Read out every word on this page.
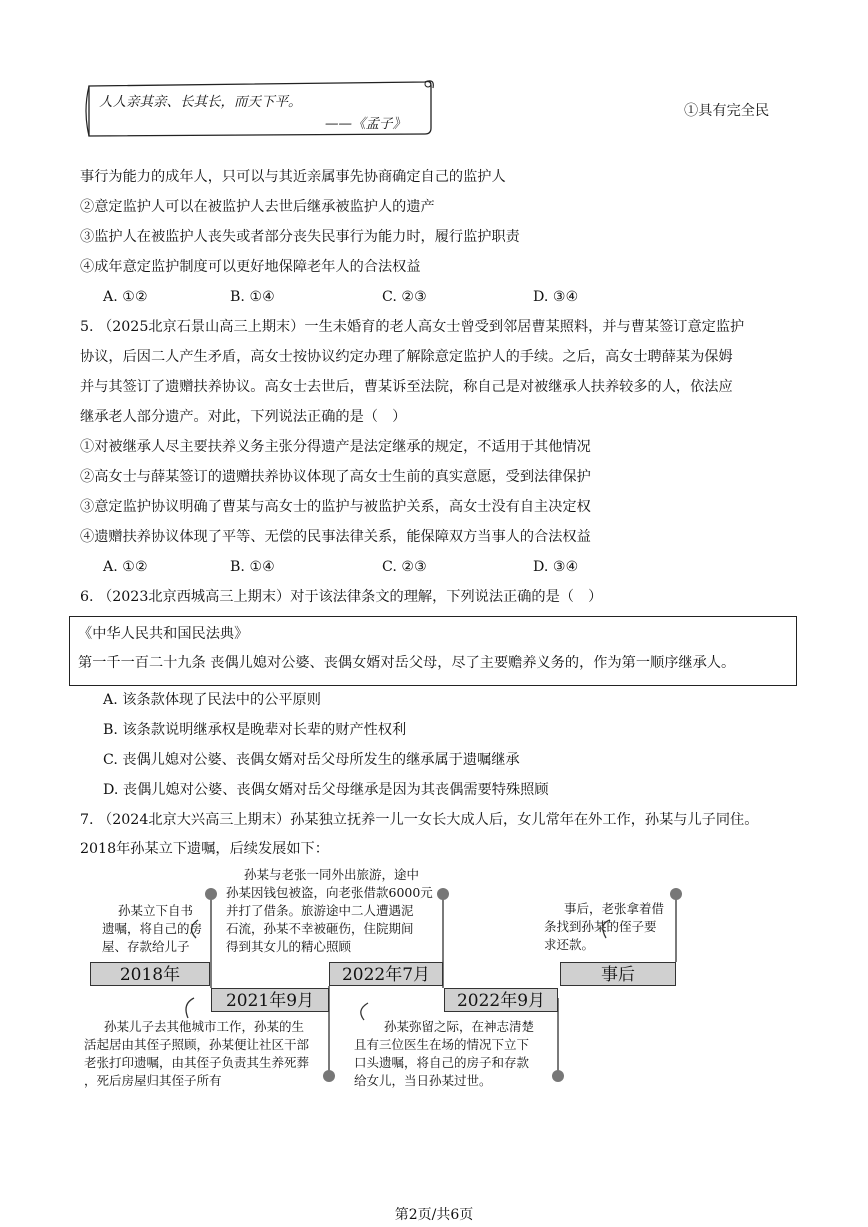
人人亲其亲、长其长，而天下平。
——《孟子》
①具有完全民
事行为能力的成年人，只可以与其近亲属事先协商确定自己的监护人
②意定监护人可以在被监护人去世后继承被监护人的遗产
③监护人在被监护人丧失或者部分丧失民事行为能力时，履行监护职责
④成年意定监护制度可以更好地保障老年人的合法权益
A. ①②	B. ①④	C. ②③	D. ③④
5. （2025北京石景山高三上期末）一生未婚育的老人高女士曾受到邻居曹某照料，并与曹某签订意定监护
协议，后因二人产生矛盾，高女士按协议约定办理了解除意定监护人的手续。之后，高女士聘薛某为保姆
并与其签订了遗赠扶养协议。高女士去世后，曹某诉至法院，称自己是对被继承人扶养较多的人，依法应
继承老人部分遗产。对此，下列说法正确的是（　）
①对被继承人尽主要扶养义务主张分得遗产是法定继承的规定，不适用于其他情况
②高女士与薛某签订的遗赠扶养协议体现了高女士生前的真实意愿，受到法律保护
③意定监护协议明确了曹某与高女士的监护与被监护关系，高女士没有自主决定权
④遗赠扶养协议体现了平等、无偿的民事法律关系，能保障双方当事人的合法权益
A. ①②	B. ①④	C. ②③	D. ③④
6. （2023北京西城高三上期末）对于该法律条文的理解，下列说法正确的是（　）
《中华人民共和国民法典》
第一千一百二十九条 丧偶儿媳对公婆、丧偶女婿对岳父母，尽了主要赡养义务的，作为第一顺序继承人。
A. 该条款体现了民法中的公平原则
B. 该条款说明继承权是晚辈对长辈的财产性权利
C. 丧偶儿媳对公婆、丧偶女婿对岳父母所发生的继承属于遗嘱继承
D. 丧偶儿媳对公婆、丧偶女婿对岳父母继承是因为其丧偶需要特殊照顾
7. （2024北京大兴高三上期末）孙某独立抚养一儿一女长大成人后，女儿常年在外工作，孙某与儿子同住。
2018年孙某立下遗嘱，后续发展如下：
2018年
2021年9月
2022年7月
2022年9月
事后
孙某立下自书
遗嘱，将自己的房
屋、存款给儿子
孙某儿子去其他城市工作，孙某的生
活起居由其侄子照顾，孙某便让社区干部
老张打印遗嘱，由其侄子负责其生养死葬
，死后房屋归其侄子所有
孙某与老张一同外出旅游，途中
孙某因钱包被盗，向老张借款6000元
并打了借条。旅游途中二人遭遇泥
石流，孙某不幸被砸伤，住院期间
得到其女儿的精心照顾
孙某弥留之际，在神志清楚
且有三位医生在场的情况下立下
口头遗嘱，将自己的房子和存款
给女儿，当日孙某过世。
事后，老张拿着借
条找到孙某的侄子要
求还款。
第2页/共6页
